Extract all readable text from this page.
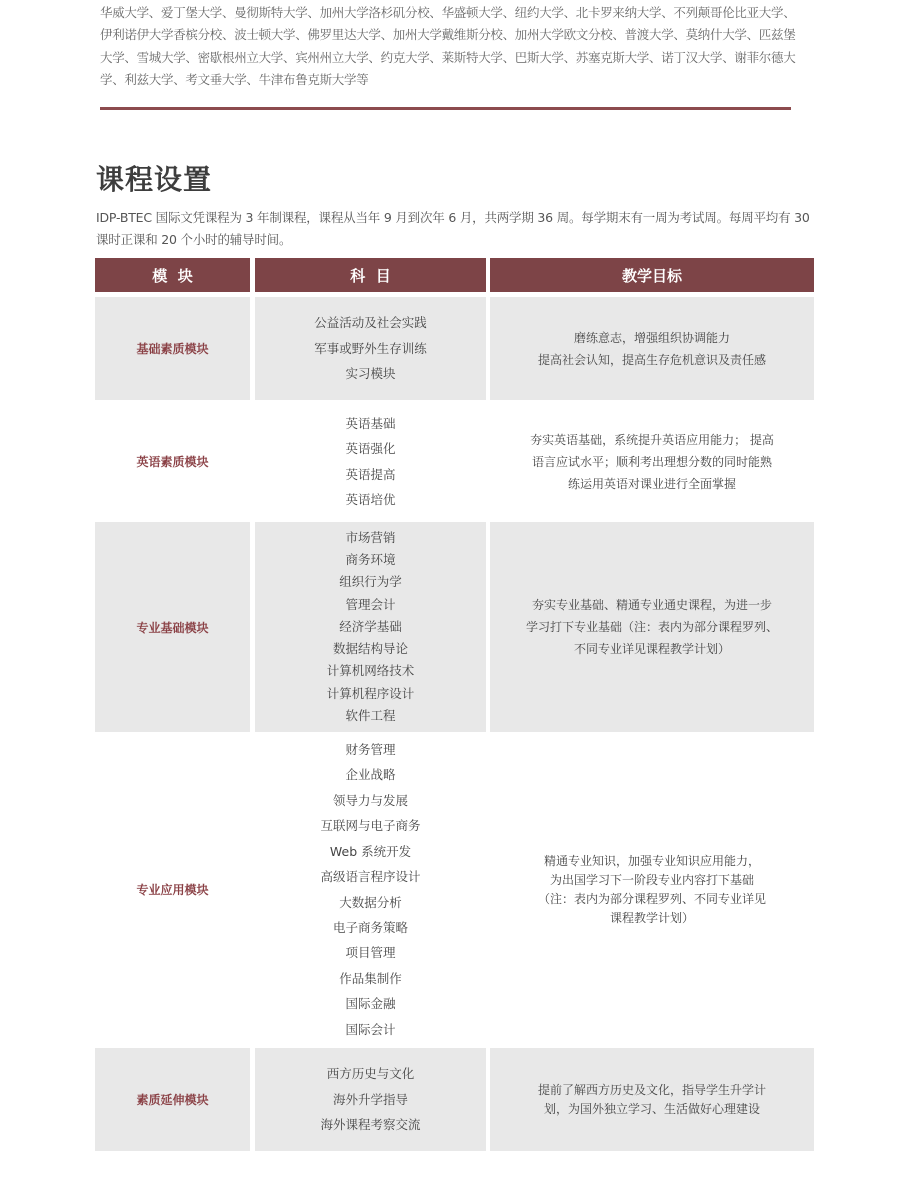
华威大学、爱丁堡大学、曼彻斯特大学、加州大学洛杉矶分校、华盛顿大学、纽约大学、北卡罗来纳大学、不列颠哥伦比亚大学、伊利诺伊大学香槟分校、波士顿大学、佛罗里达大学、加州大学戴维斯分校、加州大学欧文分校、普渡大学、莫纳什大学、匹兹堡大学、雪城大学、密歇根州立大学、宾州州立大学、约克大学、莱斯特大学、巴斯大学、苏塞克斯大学、诺丁汉大学、谢菲尔德大学、利兹大学、考文垂大学、牛津布鲁克斯大学等
课程设置
IDP-BTEC 国际文凭课程为 3 年制课程，课程从当年 9 月到次年 6 月，共两学期 36 周。每学期末有一周为考试周。每周平均有 30 课时正课和 20 个小时的辅导时间。
模  块	科  目	教学目标
基础素质模块
公益活动及社会实践
军事或野外生存训练
实习模块
磨练意志，增强组织协调能力
提高社会认知，提高生存危机意识及责任感
英语素质模块
英语基础
英语强化
英语提高
英语培优
夯实英语基础，系统提升英语应用能力； 提高
语言应试水平；顺利考出理想分数的同时能熟
练运用英语对课业进行全面掌握
专业基础模块
市场营销
商务环境
组织行为学
管理会计
经济学基础
数据结构导论
计算机网络技术
计算机程序设计
软件工程
夯实专业基础、精通专业通史课程，为进一步
学习打下专业基础（注：表内为部分课程罗列、
不同专业详见课程教学计划）
专业应用模块
财务管理
企业战略
领导力与发展
互联网与电子商务
Web 系统开发
高级语言程序设计
大数据分析
电子商务策略
项目管理
作品集制作
国际金融
国际会计
精通专业知识，加强专业知识应用能力，
为出国学习下一阶段专业内容打下基础
（注：表内为部分课程罗列、不同专业详见
课程教学计划）
素质延伸模块
西方历史与文化
海外升学指导
海外课程考察交流
提前了解西方历史及文化，指导学生升学计
划，为国外独立学习、生活做好心理建设
